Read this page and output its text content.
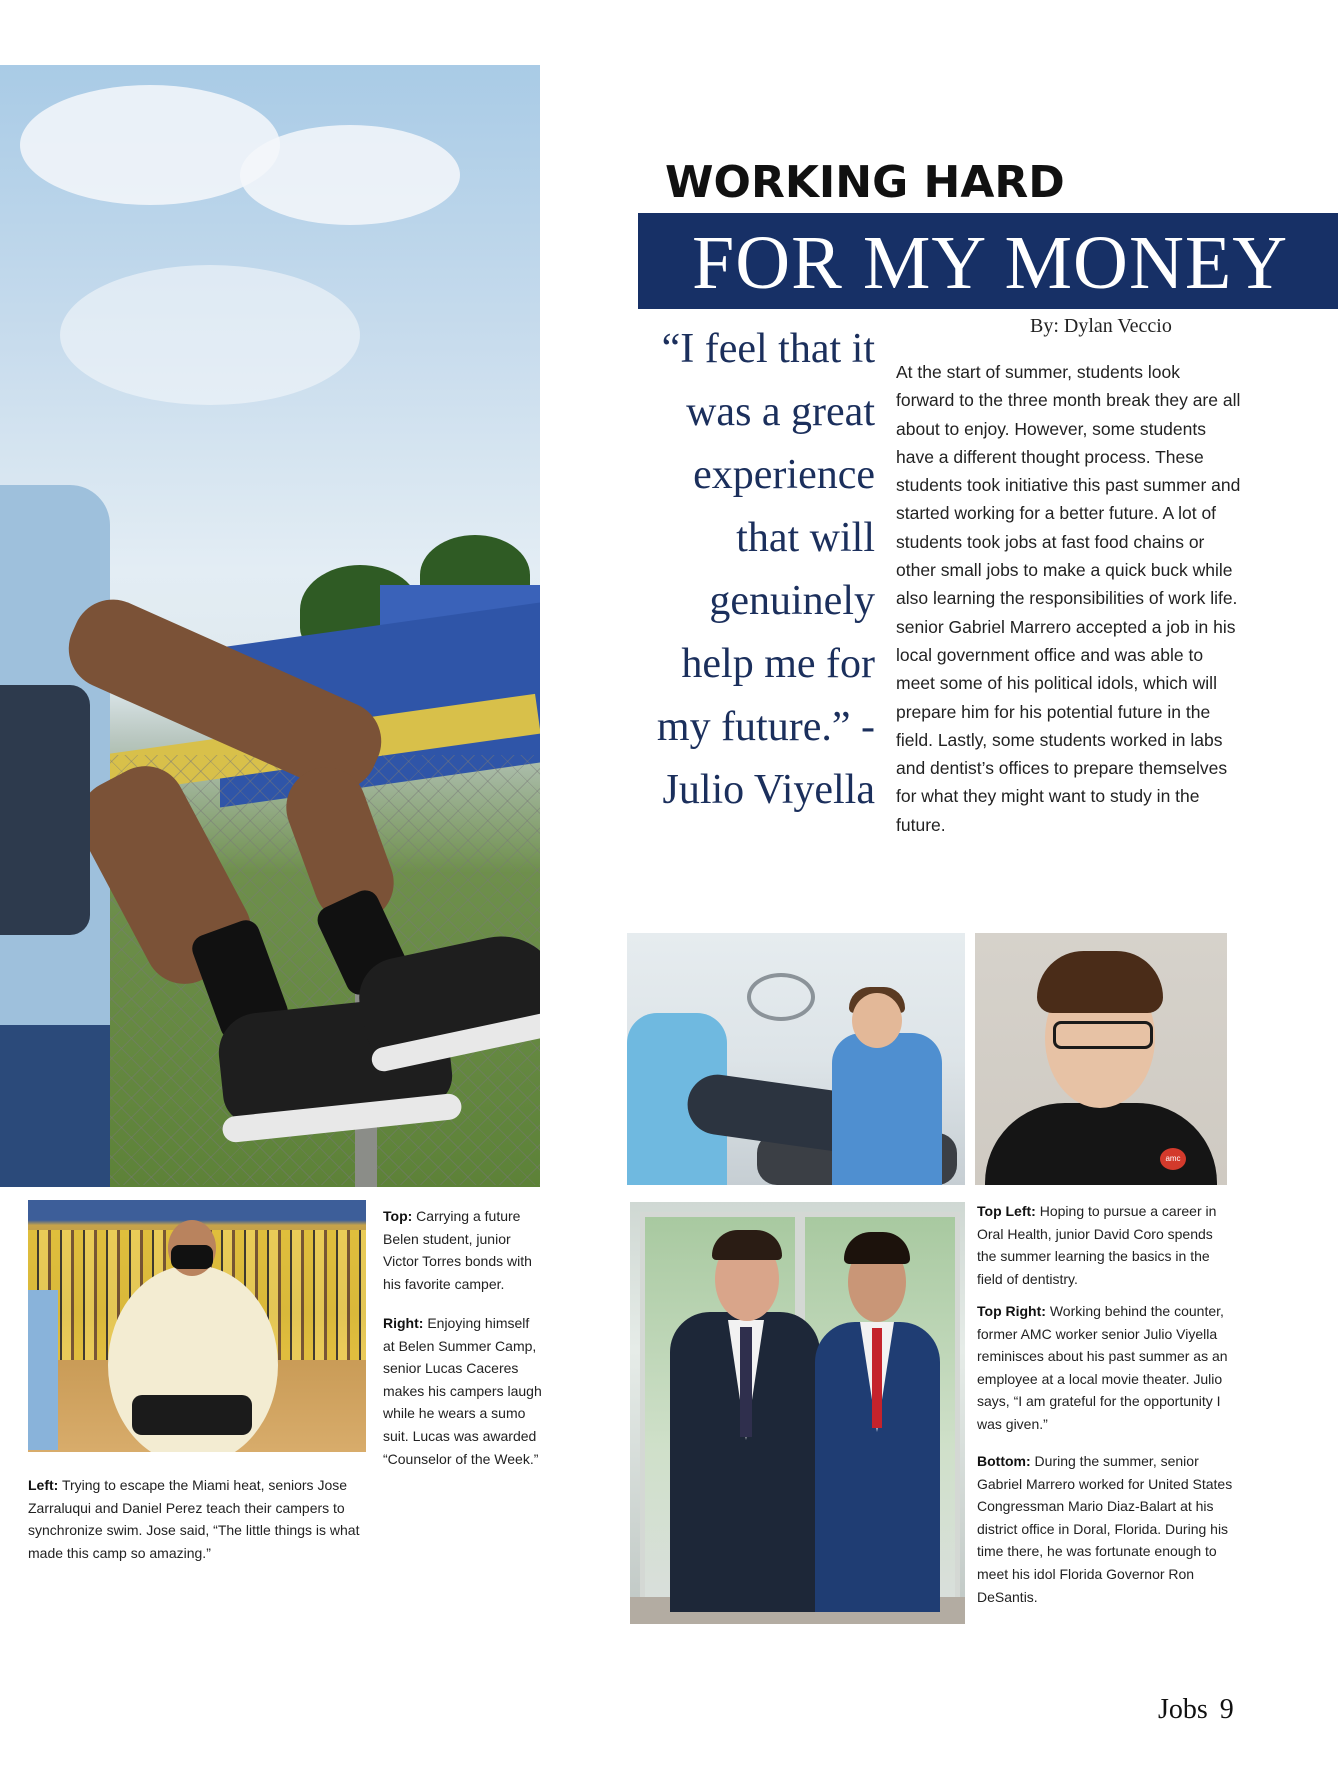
amc
WORKING HARD
FOR MY MONEY
By: Dylan Veccio
“I feel that it was a great experience that will genuinely help me for my future.” -Julio Viyella
At the start of summer, students look forward to the three month break they are all about to enjoy. However, some students have a different thought process. These students took initiative this past summer and started working for a better future. A lot of students took jobs at fast food chains or other small jobs to make a quick buck while also learning the responsibilities of work life. senior Gabriel Marrero accepted a job in his local government office and was able to meet some of his political idols, which will prepare him for his potential future in the field. Lastly, some students worked in labs and dentist’s offices to prepare themselves for what they might want to study in the future.
Top: Carrying a future Belen student, junior Victor Torres bonds with his favorite camper.
Right: Enjoying himself at Belen Summer Camp, senior Lucas Caceres makes his campers laugh while he wears a sumo suit. Lucas was awarded “Counselor of the Week.”
Left: Trying to escape the Miami heat, seniors Jose Zarraluqui and Daniel Perez teach their campers to synchronize swim. Jose said, “The little things is what made this camp so amazing.”
Top Left: Hoping to pursue a career in Oral Health, junior David Coro spends the summer learning the basics in the field of dentistry.
Top Right: Working behind the counter, former AMC worker senior Julio Viyella reminisces about his past summer as an employee at a local movie theater. Julio says, “I am grateful for the opportunity I was given.”
Bottom: During the summer, senior Gabriel Marrero worked for United States Congressman Mario Diaz-Balart at his district office in Doral, Florida. During his time there, he was fortunate enough to meet his idol Florida Governor Ron DeSantis.
Jobs 9
